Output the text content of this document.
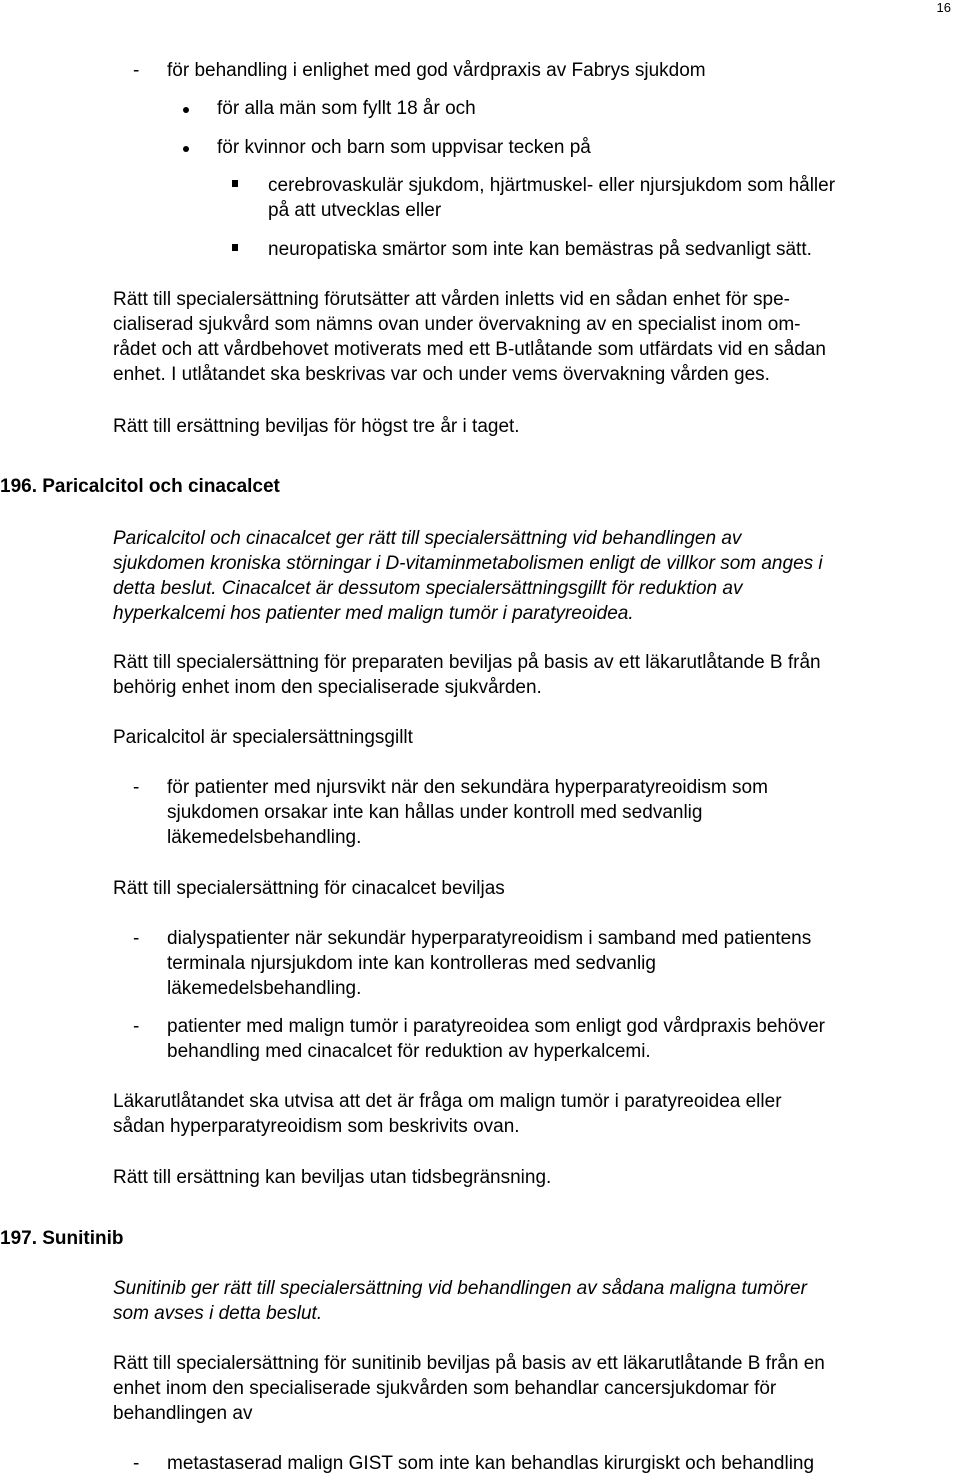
16
-
för behandling i enlighet med god vårdpraxis av Fabrys sjukdom
för alla män som fyllt 18 år och
för kvinnor och barn som uppvisar tecken på

cerebrovaskulär sjukdom, hjärtmuskel- eller njursjukdom som håller

på att utvecklas eller

neuropatiska smärtor som inte kan bemästras på sedvanligt sätt.

Rätt till specialersättning förutsätter att vården inletts vid en sådan enhet för spe-

cialiserad sjukvård som nämns ovan under övervakning av en specialist inom om-

rådet och att vårdbehovet motiverats med ett B-utlåtande som utfärdats vid en sådan

enhet. I utlåtandet ska beskrivas var och under vems övervakning vården ges.

Rätt till ersättning beviljas för högst tre år i taget.
196. Paricalcitol och cinacalcet

Paricalcitol och cinacalcet ger rätt till specialersättning vid behandlingen av

sjukdomen kroniska störningar i D-vitaminmetabolismen enligt de villkor som anges i

detta beslut. Cinacalcet är dessutom specialersättningsgillt för reduktion av

hyperkalcemi hos patienter med malign tumör i paratyreoidea.

Rätt till specialersättning för preparaten beviljas på basis av ett läkarutlåtande B från

behörig enhet inom den specialiserade sjukvården.

Paricalcitol är specialersättningsgillt
-

för patienter med njursvikt när den sekundära hyperparatyreoidism som

sjukdomen orsakar inte kan hållas under kontroll med sedvanlig

läkemedelsbehandling.

Rätt till specialersättning för cinacalcet beviljas
-

dialyspatienter när sekundär hyperparatyreoidism i samband med patientens

terminala njursjukdom inte kan kontrolleras med sedvanlig

läkemedelsbehandling.

-

patienter med malign tumör i paratyreoidea som enligt god vårdpraxis behöver

behandling med cinacalcet för reduktion av hyperkalcemi.

Läkarutlåtandet ska utvisa att det är fråga om malign tumör i paratyreoidea eller

sådan hyperparatyreoidism som beskrivits ovan.

Rätt till ersättning kan beviljas utan tidsbegränsning.
197. Sunitinib

Sunitinib ger rätt till specialersättning vid behandlingen av sådana maligna tumörer

som avses i detta beslut.

Rätt till specialersättning för sunitinib beviljas på basis av ett läkarutlåtande B från en

enhet inom den specialiserade sjukvården som behandlar cancersjukdomar för

behandlingen av

-
metastaserad malign GIST som inte kan behandlas kirurgiskt och behandling
